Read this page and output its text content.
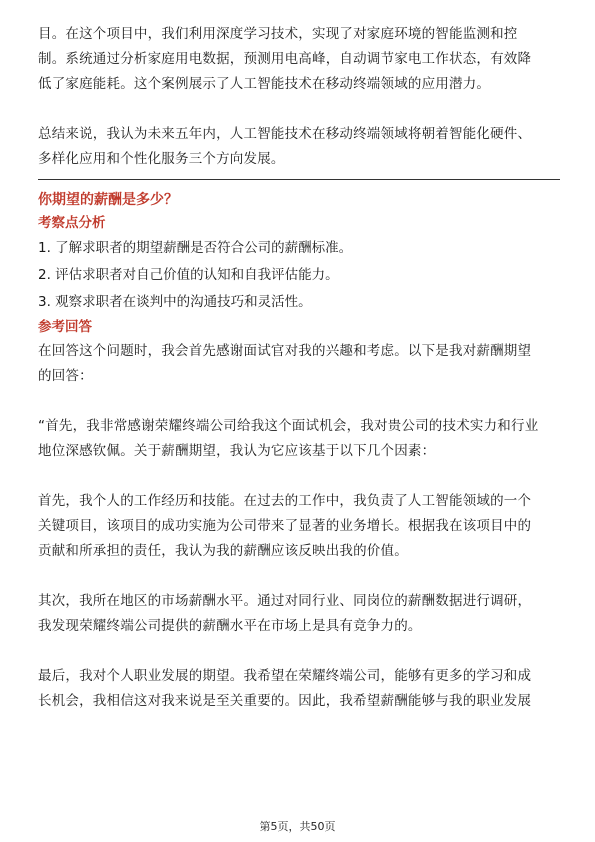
目。在这个项目中，我们利用深度学习技术，实现了对家庭环境的智能监测和控

制。系统通过分析家庭用电数据，预测用电高峰，自动调节家电工作状态，有效降

低了家庭能耗。这个案例展示了人工智能技术在移动终端领域的应用潜力。

总结来说，我认为未来五年内，人工智能技术在移动终端领域将朝着智能化硬件、

多样化应用和个性化服务三个方向发展。

你期望的薪酬是多少？

考察点分析

1. 了解求职者的期望薪酬是否符合公司的薪酬标准。

2. 评估求职者对自己价值的认知和自我评估能力。

3. 观察求职者在谈判中的沟通技巧和灵活性。

参考回答

在回答这个问题时，我会首先感谢面试官对我的兴趣和考虑。以下是我对薪酬期望

的回答：

“首先，我非常感谢荣耀终端公司给我这个面试机会，我对贵公司的技术实力和行业

地位深感钦佩。关于薪酬期望，我认为它应该基于以下几个因素：

首先，我个人的工作经历和技能。在过去的工作中，我负责了人工智能领域的一个

关键项目，该项目的成功实施为公司带来了显著的业务增长。根据我在该项目中的

贡献和所承担的责任，我认为我的薪酬应该反映出我的价值。

其次，我所在地区的市场薪酬水平。通过对同行业、同岗位的薪酬数据进行调研，

我发现荣耀终端公司提供的薪酬水平在市场上是具有竞争力的。

最后，我对个人职业发展的期望。我希望在荣耀终端公司，能够有更多的学习和成

长机会，我相信这对我来说是至关重要的。因此，我希望薪酬能够与我的职业发展

第5页，共50页
